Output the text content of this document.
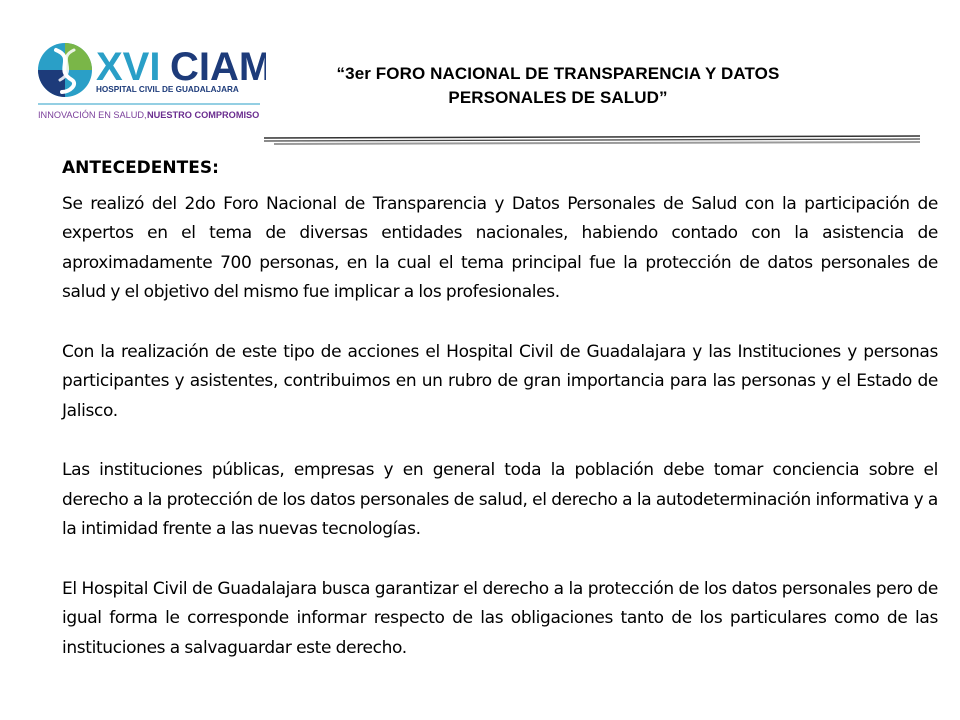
XVI CIAM
HOSPITAL CIVIL DE GUADALAJARA
INNOVACIÓN EN SALUD, NUESTRO COMPROMISO
“3er FORO NACIONAL DE TRANSPARENCIA Y DATOS PERSONALES DE SALUD”

ANTECEDENTES:

Se realizó del 2do Foro Nacional de Transparencia y Datos Personales de Salud con la participación de expertos en el tema de diversas entidades nacionales, habiendo contado con la asistencia de aproximadamente 700 personas, en la cual el tema principal fue la protección de datos personales de salud y el objetivo del mismo fue implicar a los profesionales.

Con la realización de este tipo de acciones el Hospital Civil de Guadalajara y las Instituciones y personas participantes y asistentes, contribuimos en un rubro de gran importancia para las personas y el Estado de Jalisco.

Las instituciones públicas, empresas y en general toda la población debe tomar conciencia sobre el derecho a la protección de los datos personales de salud, el derecho a la autodeterminación informativa y a la intimidad frente a las nuevas tecnologías.

El Hospital Civil de Guadalajara busca garantizar el derecho a la protección de los datos personales pero de igual forma le corresponde informar respecto de las obligaciones tanto de los particulares como de las instituciones a salvaguardar este derecho.
